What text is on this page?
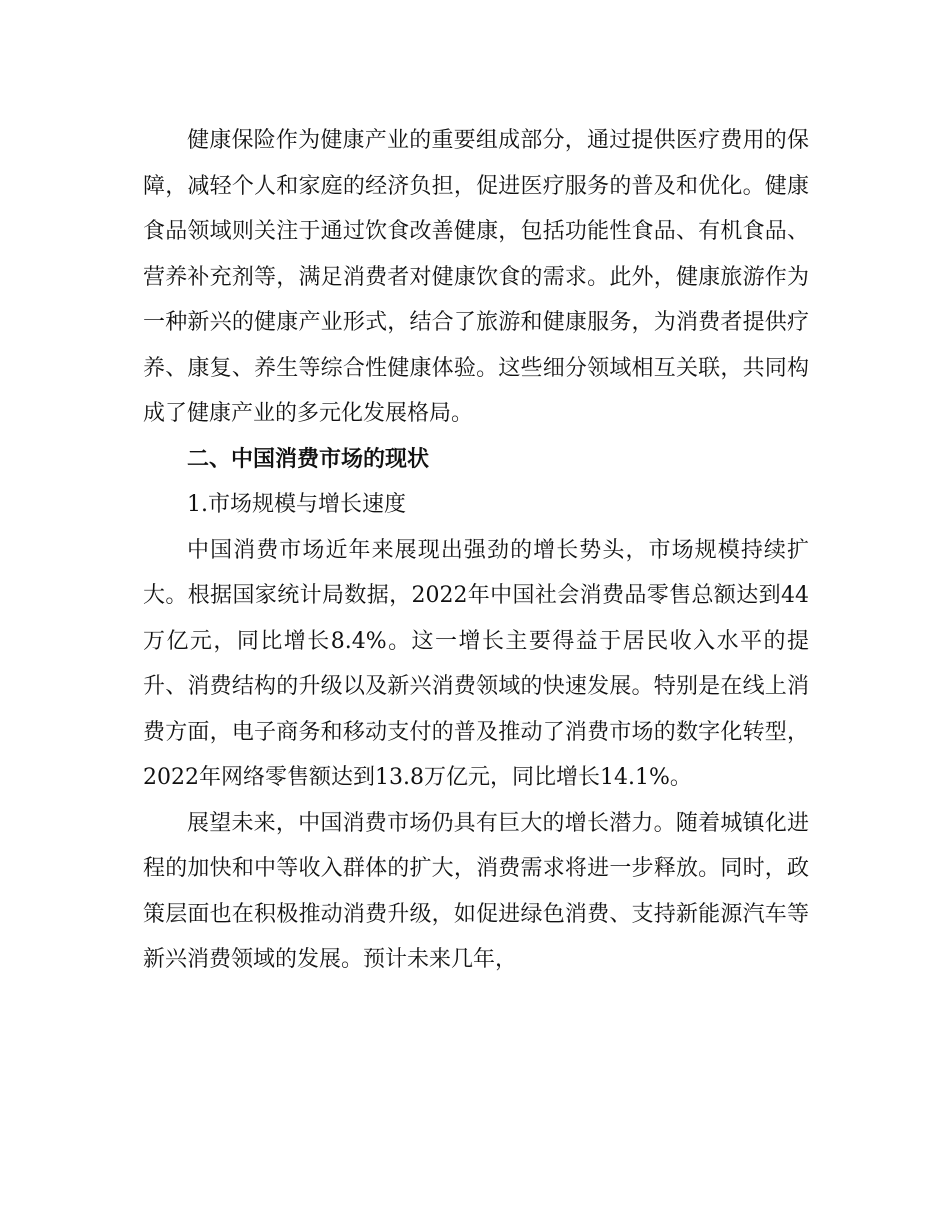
健康保险作为健康产业的重要组成部分，通过提供医疗费用的保障，减轻个人和家庭的经济负担，促进医疗服务的普及和优化。健康食品领域则关注于通过饮食改善健康，包括功能性食品、有机食品、营养补充剂等，满足消费者对健康饮食的需求。此外，健康旅游作为一种新兴的健康产业形式，结合了旅游和健康服务，为消费者提供疗养、康复、养生等综合性健康体验。这些细分领域相互关联，共同构成了健康产业的多元化发展格局。

二、中国消费市场的现状
1.市场规模与增长速度

中国消费市场近年来展现出强劲的增长势头，市场规模持续扩大。根据国家统计局数据，2022年中国社会消费品零售总额达到44万亿元，同比增长8.4%。这一增长主要得益于居民收入水平的提升、消费结构的升级以及新兴消费领域的快速发展。特别是在线上消费方面，电子商务和移动支付的普及推动了消费市场的数字化转型，2022年网络零售额达到13.8万亿元，同比增长14.1%。

展望未来，中国消费市场仍具有巨大的增长潜力。随着城镇化进程的加快和中等收入群体的扩大，消费需求将进一步释放。同时，政策层面也在积极推动消费升级，如促进绿色消费、支持新能源汽车等新兴消费领域的发展。预计未来几年，
